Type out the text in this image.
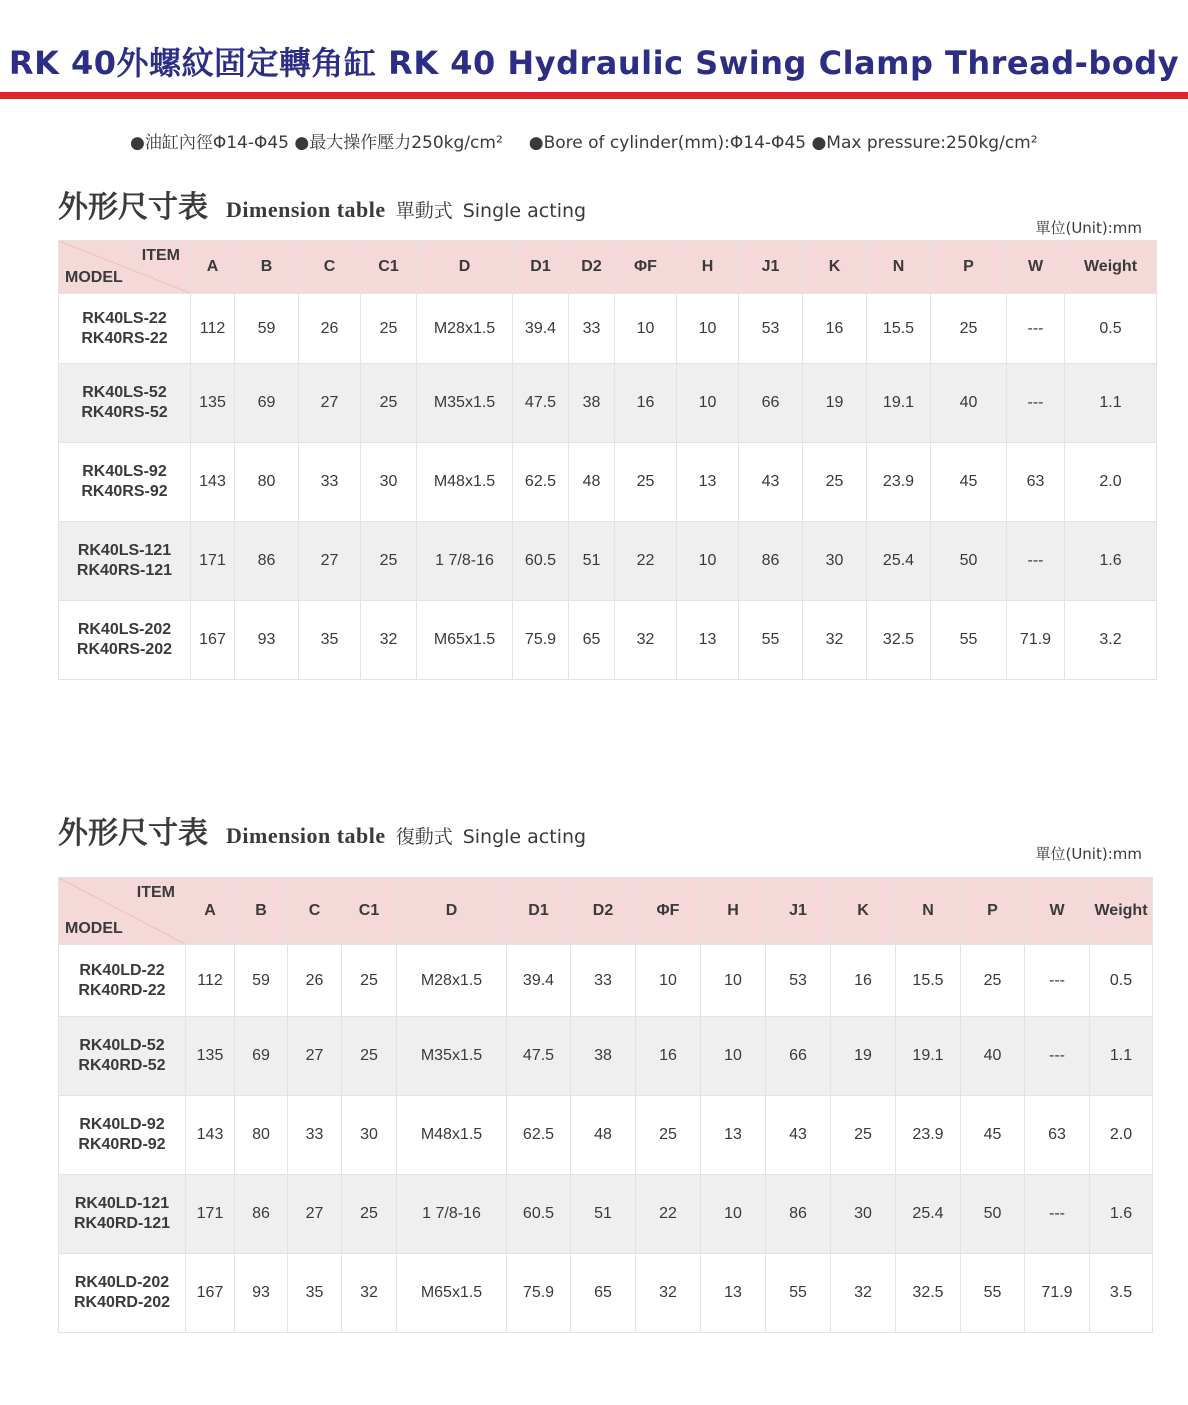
RK 40外螺紋固定轉角缸 RK 40 Hydraulic Swing Clamp Thread-body
●油缸內徑Φ14-Φ45 ●最大操作壓力250kg/cm² ●Bore of cylinder(mm):Φ14-Φ45 ●Max pressure:250kg/cm²
外形尺寸表 Dimension table 單動式 Single acting
單位(Unit):mm
ITEM
MODEL	A	B	C	C1	D	D1	D2	ΦF	H	J1	K	N	P	W	Weight

RK40LS-22
RK40RS-22	112	59	26	25	M28x1.5	39.4	33	10	10	53	16	15.5	25	---	0.5

RK40LS-52
RK40RS-52	135	69	27	25	M35x1.5	47.5	38	16	10	66	19	19.1	40	---	1.1

RK40LS-92
RK40RS-92	143	80	33	30	M48x1.5	62.5	48	25	13	43	25	23.9	45	63	2.0

RK40LS-121
RK40RS-121	171	86	27	25	1 7/8-16	60.5	51	22	10	86	30	25.4	50	---	1.6

RK40LS-202
RK40RS-202	167	93	35	32	M65x1.5	75.9	65	32	13	55	32	32.5	55	71.9	3.2
外形尺寸表 Dimension table 復動式 Single acting
單位(Unit):mm
ITEM
MODEL	A	B	C	C1	D	D1	D2	ΦF	H	J1	K	N	P	W	Weight

RK40LD-22
RK40RD-22	112	59	26	25	M28x1.5	39.4	33	10	10	53	16	15.5	25	---	0.5

RK40LD-52
RK40RD-52	135	69	27	25	M35x1.5	47.5	38	16	10	66	19	19.1	40	---	1.1

RK40LD-92
RK40RD-92	143	80	33	30	M48x1.5	62.5	48	25	13	43	25	23.9	45	63	2.0

RK40LD-121
RK40RD-121	171	86	27	25	1 7/8-16	60.5	51	22	10	86	30	25.4	50	---	1.6

RK40LD-202
RK40RD-202	167	93	35	32	M65x1.5	75.9	65	32	13	55	32	32.5	55	71.9	3.5
